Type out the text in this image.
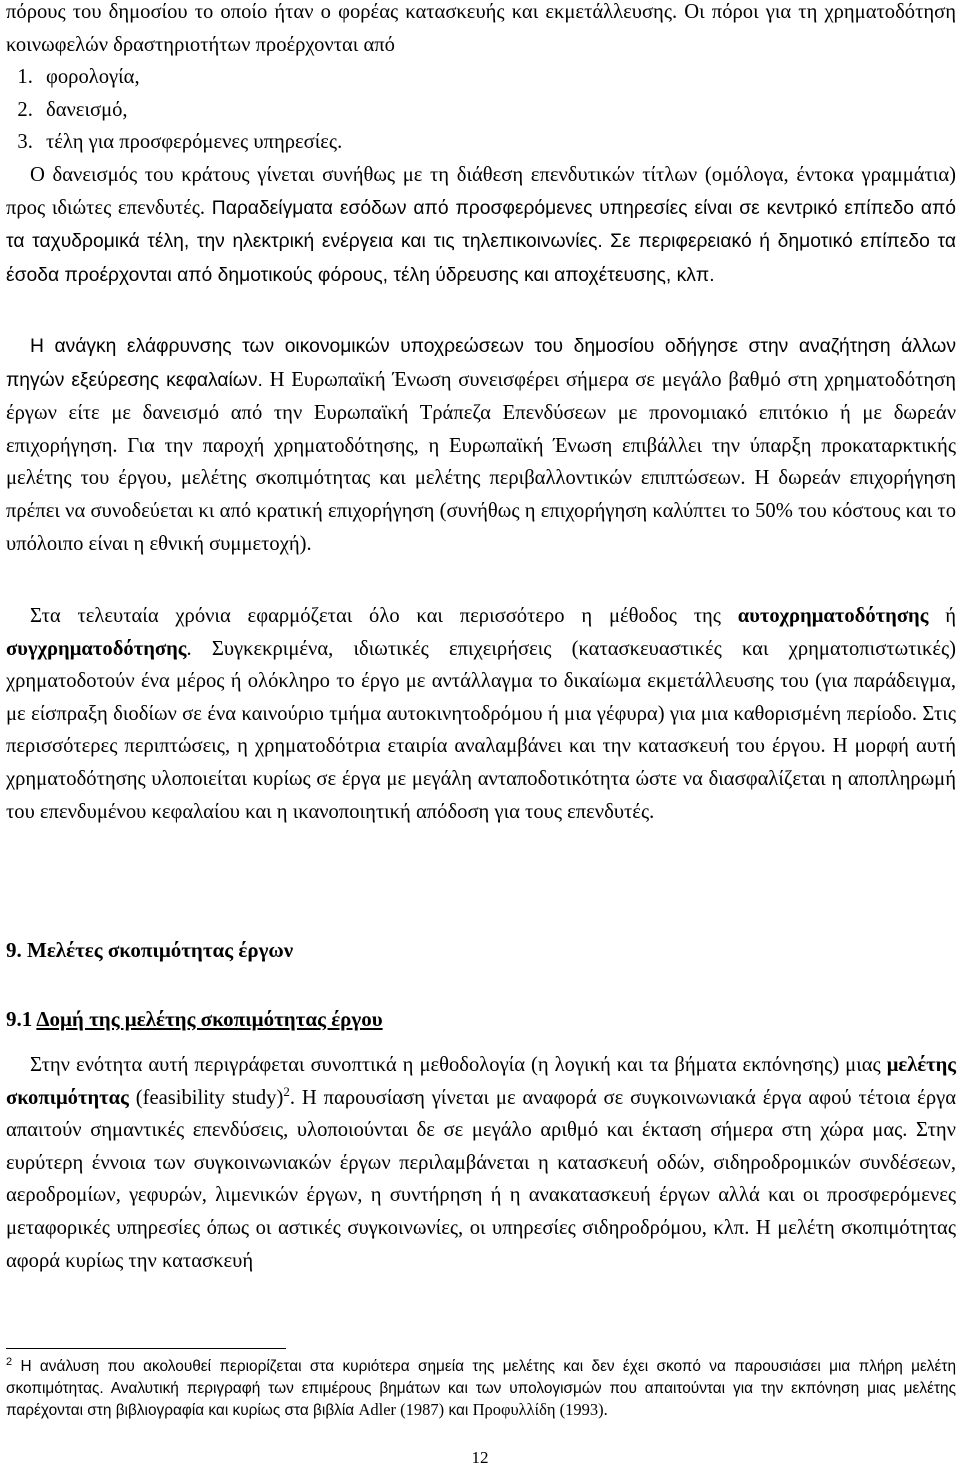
πόρους του δημοσίου το οποίο ήταν ο φορέας κατασκευής και εκμετάλλευσης. Οι πόροι για τη χρηματοδότηση κοινωφελών δραστηριοτήτων προέρχονται από

1. φορολογία,
2. δανεισμό,
3. τέλη για προσφερόμενες υπηρεσίες.

Ο δανεισμός του κράτους γίνεται συνήθως με τη διάθεση επενδυτικών τίτλων (ομόλογα, έντοκα γραμμάτια) προς ιδιώτες επενδυτές. Παραδείγματα εσόδων από προσφερόμενες υπηρεσίες είναι σε κεντρικό επίπεδο από τα ταχυδρομικά τέλη, την ηλεκτρική ενέργεια και τις τηλεπικοινωνίες. Σε περιφερειακό ή δημοτικό επίπεδο τα έσοδα προέρχονται από δημοτικούς φόρους, τέλη ύδρευσης και αποχέτευσης, κλπ.

Η ανάγκη ελάφρυνσης των οικονομικών υποχρεώσεων του δημοσίου οδήγησε στην αναζήτηση άλλων πηγών εξεύρεσης κεφαλαίων. Η Ευρωπαϊκή Ένωση συνεισφέρει σήμερα σε μεγάλο βαθμό στη χρηματοδότηση έργων είτε με δανεισμό από την Ευρωπαϊκή Τράπεζα Επενδύσεων με προνομιακό επιτόκιο ή με δωρεάν επιχορήγηση. Για την παροχή χρηματοδότησης, η Ευρωπαϊκή Ένωση επιβάλλει την ύπαρξη προκαταρκτικής μελέτης του έργου, μελέτης σκοπιμότητας και μελέτης περιβαλλοντικών επιπτώσεων. Η δωρεάν επιχορήγηση πρέπει να συνοδεύεται κι από κρατική επιχορήγηση (συνήθως η επιχορήγηση καλύπτει το 50% του κόστους και το υπόλοιπο είναι η εθνική συμμετοχή).

Στα τελευταία χρόνια εφαρμόζεται όλο και περισσότερο η μέθοδος της αυτοχρηματοδότησης ή συγχρηματοδότησης. Συγκεκριμένα, ιδιωτικές επιχειρήσεις (κατασκευαστικές και χρηματοπιστωτικές) χρηματοδοτούν ένα μέρος ή ολόκληρο το έργο με αντάλλαγμα το δικαίωμα εκμετάλλευσης του (για παράδειγμα, με είσπραξη διοδίων σε ένα καινούριο τμήμα αυτοκινητοδρόμου ή μια γέφυρα) για μια καθορισμένη περίοδο. Στις περισσότερες περιπτώσεις, η χρηματοδότρια εταιρία αναλαμβάνει και την κατασκευή του έργου. Η μορφή αυτή χρηματοδότησης υλοποιείται κυρίως σε έργα με μεγάλη ανταποδοτικότητα ώστε να διασφαλίζεται η αποπληρωμή του επενδυμένου κεφαλαίου και η ικανοποιητική απόδοση για τους επενδυτές.

9. Μελέτες σκοπιμότητας έργων
9.1 Δομή της μελέτης σκοπιμότητας έργου

Στην ενότητα αυτή περιγράφεται συνοπτικά η μεθοδολογία (η λογική και τα βήματα εκπόνησης) μιας μελέτης σκοπιμότητας (feasibility study)$^2$. Η παρουσίαση γίνεται με αναφορά σε συγκοινωνιακά έργα αφού τέτοια έργα απαιτούν σημαντικές επενδύσεις, υλοποιούνται δε σε μεγάλο αριθμό και έκταση σήμερα στη χώρα μας. Στην ευρύτερη έννοια των συγκοινωνιακών έργων περιλαμβάνεται η κατασκευή οδών, σιδηροδρομικών συνδέσεων, αεροδρομίων, γεφυρών, λιμενικών έργων, η συντήρηση ή η ανακατασκευή έργων αλλά και οι προσφερόμενες μεταφορικές υπηρεσίες όπως οι αστικές συγκοινωνίες, οι υπηρεσίες σιδηροδρόμου, κλπ. Η μελέτη σκοπιμότητας αφορά κυρίως την κατασκευή

$^2$ Η ανάλυση που ακολουθεί περιορίζεται στα κυριότερα σημεία της μελέτης και δεν έχει σκοπό να παρουσιάσει μια πλήρη μελέτη σκοπιμότητας. Αναλυτική περιγραφή των επιμέρους βημάτων και των υπολογισμών που απαιτούνται για την εκπόνηση μιας μελέτης παρέχονται στη βιβλιογραφία και κυρίως στα βιβλία Adler (1987) και Προφυλλίδη (1993).

12
